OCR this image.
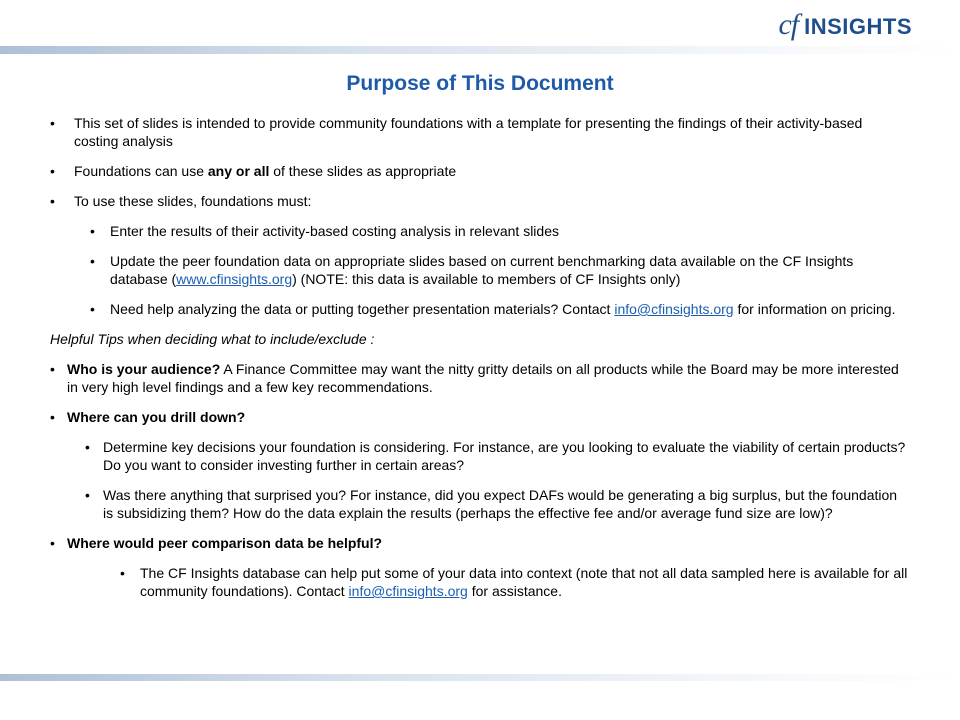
cf INSIGHTS
Purpose of This Document

• This set of slides is intended to provide community foundations with a template for presenting the findings of their activity-based costing analysis

• Foundations can use any or all of these slides as appropriate

• To use these slides, foundations must:

• Enter the results of their activity-based costing analysis in relevant slides

• Update the peer foundation data on appropriate slides based on current benchmarking data available on the CF Insights database (www.cfinsights.org) (NOTE: this data is available to members of CF Insights only)

• Need help analyzing the data or putting together presentation materials? Contact info@cfinsights.org for information on pricing.

Helpful Tips when deciding what to include/exclude :

• Who is your audience? A Finance Committee may want the nitty gritty details on all products while the Board may be more interested in very high level findings and a few key recommendations.

• Where can you drill down?

• Determine key decisions your foundation is considering. For instance, are you looking to evaluate the viability of certain products? Do you want to consider investing further in certain areas?

• Was there anything that surprised you? For instance, did you expect DAFs would be generating a big surplus, but the foundation is subsidizing them? How do the data explain the results (perhaps the effective fee and/or average fund size are low)?

• Where would peer comparison data be helpful?

• The CF Insights database can help put some of your data into context (note that not all data sampled here is available for all community foundations). Contact info@cfinsights.org for assistance.
